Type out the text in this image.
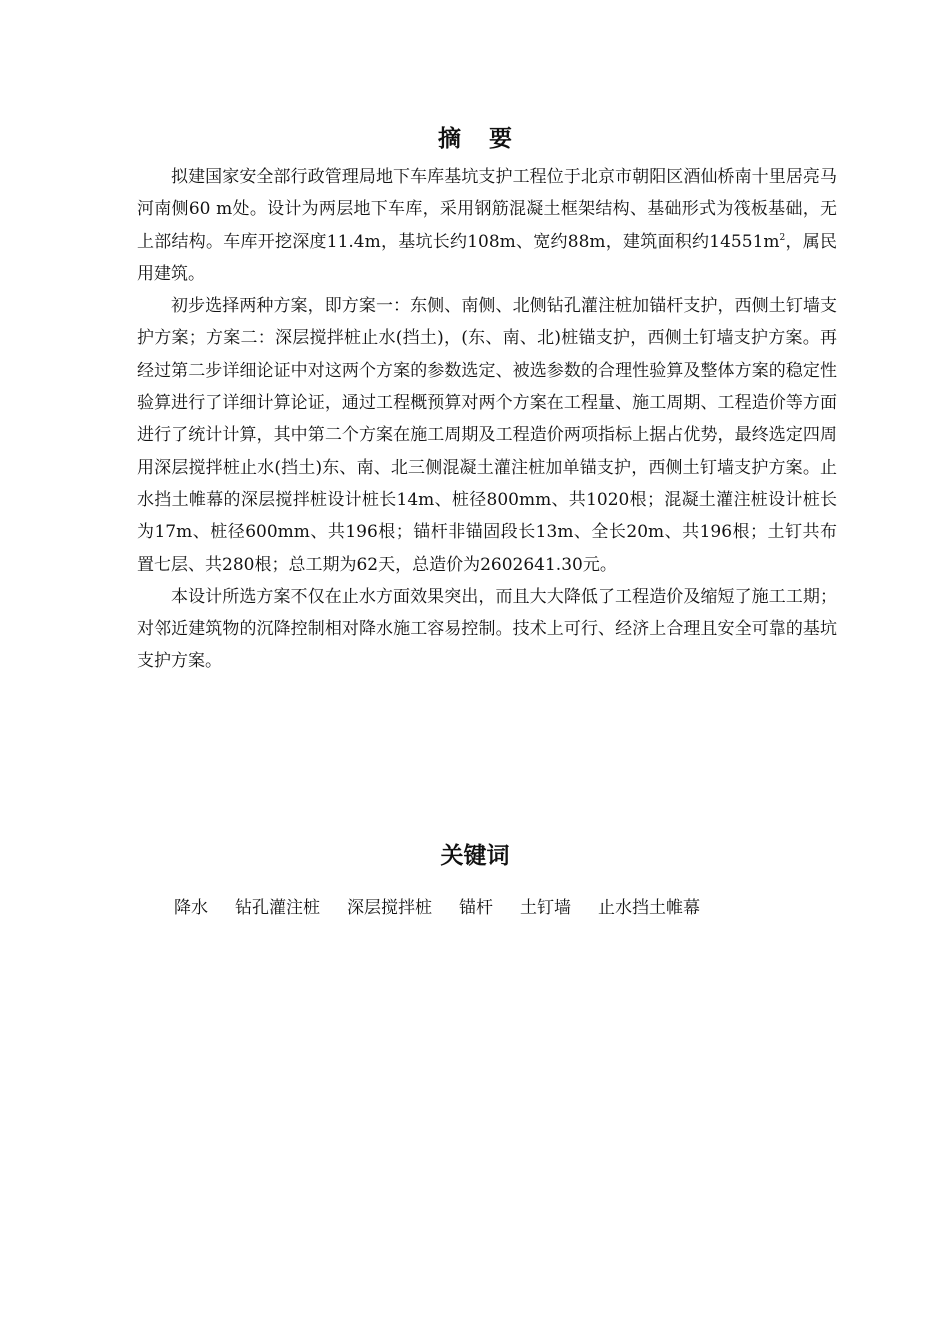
摘要

拟建国家安全部行政管理局地下车库基坑支护工程位于北京市朝阳区酒仙桥南十里居亮马河南侧60 m处。设计为两层地下车库，采用钢筋混凝土框架结构、基础形式为筏板基础，无上部结构。车库开挖深度11.4m，基坑长约108m、宽约88m，建筑面积约$14551m^2$，属民用建筑。

初步选择两种方案，即方案一：东侧、南侧、北侧钻孔灌注桩加锚杆支护，西侧土钉墙支护方案；方案二：深层搅拌桩止水(挡土)，(东、南、北)桩锚支护，西侧土钉墙支护方案。再经过第二步详细论证中对这两个方案的参数选定、被选参数的合理性验算及整体方案的稳定性验算进行了详细计算论证，通过工程概预算对两个方案在工程量、施工周期、工程造价等方面进行了统计计算，其中第二个方案在施工周期及工程造价两项指标上据占优势，最终选定四周用深层搅拌桩止水(挡土)东、南、北三侧混凝土灌注桩加单锚支护，西侧土钉墙支护方案。止水挡土帷幕的深层搅拌桩设计桩长14m、桩径800mm、共1020根；混凝土灌注桩设计桩长为17m、桩径600mm、共196根；锚杆非锚固段长13m、全长20m、共196根；土钉共布置七层、共280根；总工期为62天，总造价为2602641.30元。

本设计所选方案不仅在止水方面效果突出，而且大大降低了工程造价及缩短了施工工期；对邻近建筑物的沉降控制相对降水施工容易控制。技术上可行、经济上合理且安全可靠的基坑支护方案。

关键词
降水 钻孔灌注桩 深层搅拌桩 锚杆 土钉墙 止水挡土帷幕
